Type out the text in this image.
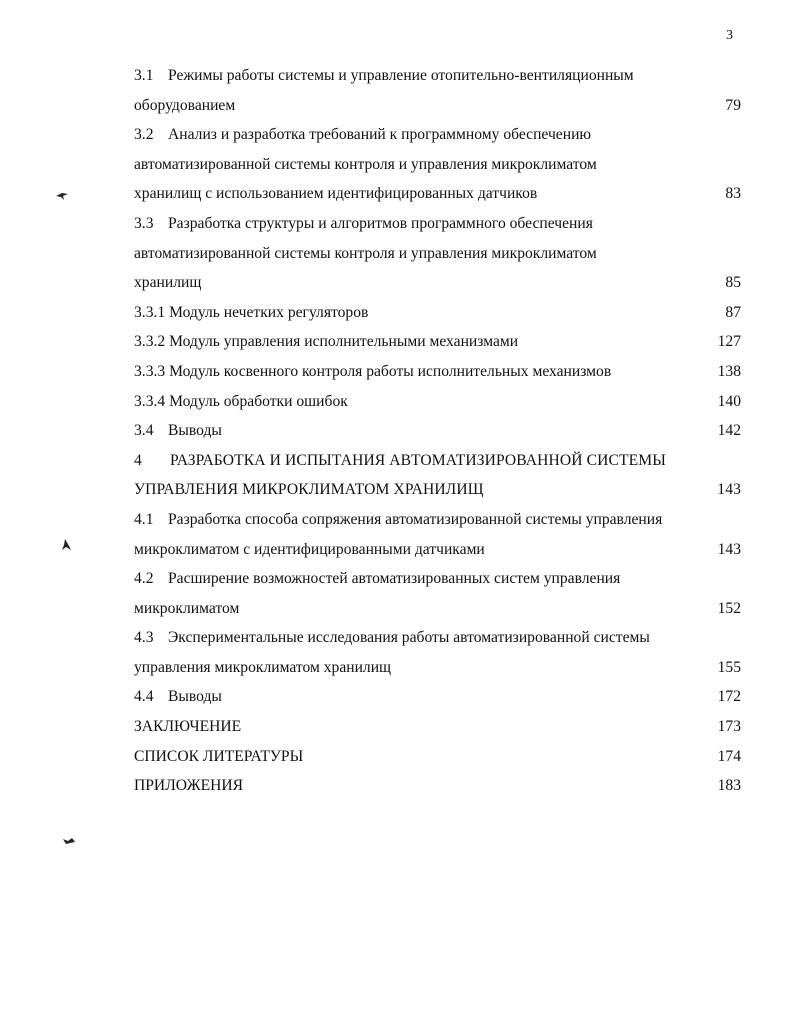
3
3.1 Режимы работы системы и управление отопительно-вентиляционным
оборудованием	79
3.2 Анализ и разработка требований к программному обеспечению
автоматизированной системы контроля и управления микроклиматом
хранилищ с использованием идентифицированных датчиков	83
3.3 Разработка структуры и алгоритмов программного обеспечения
автоматизированной системы контроля и управления микроклиматом
хранилищ	85
3.3.1 Модуль нечетких регуляторов	87
3.3.2 Модуль управления исполнительными механизмами	127
3.3.3 Модуль косвенного контроля работы исполнительных механизмов	138
3.3.4 Модуль обработки ошибок	140
3.4 Выводы	142
4 РАЗРАБОТКА И ИСПЫТАНИЯ АВТОМАТИЗИРОВАННОЙ СИСТЕМЫ
УПРАВЛЕНИЯ МИКРОКЛИМАТОМ ХРАНИЛИЩ	143
4.1 Разработка способа сопряжения автоматизированной системы управления
микроклиматом с идентифицированными датчиками	143
4.2 Расширение возможностей автоматизированных систем управления
микроклиматом	152
4.3 Экспериментальные исследования работы автоматизированной системы
управления микроклиматом хранилищ	155
4.4 Выводы	172
ЗАКЛЮЧЕНИЕ	173
СПИСОК ЛИТЕРАТУРЫ	174
ПРИЛОЖЕНИЯ	183
